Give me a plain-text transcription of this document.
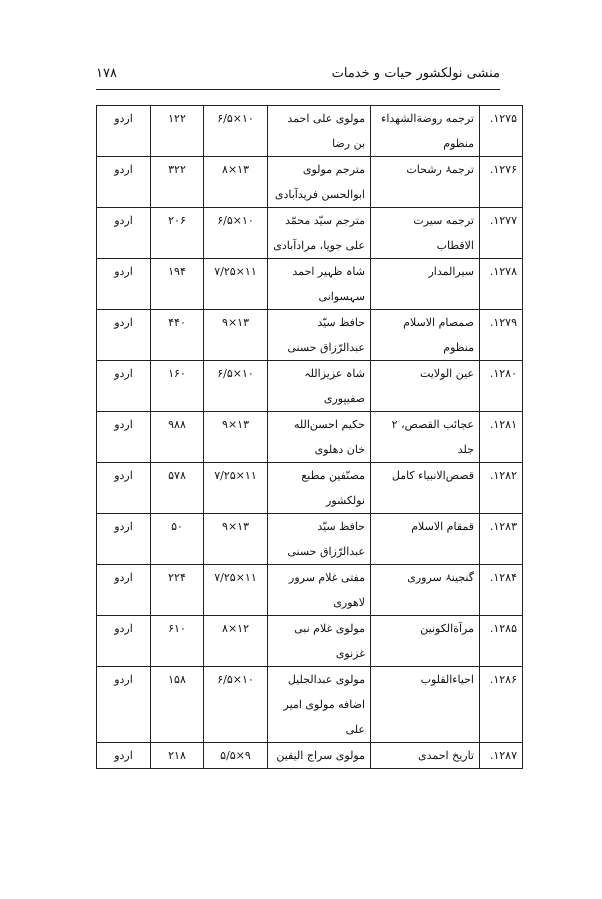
منشی نولکشور حیات و خدمات
۱۷۸
۱۲۷۵.	ترجمه روضةالشهداء منظوم	مولوی علی احمد بن رضا	۱۰×۶/۵	۱۲۲	اردو

۱۲۷۶.	ترجمۂ رشحات	مترجم مولوی ابوالحسن فریدآبادی	۱۳×۸	۳۲۲	اردو

۱۲۷۷.	ترجمه سیرت الاقطاب	مترجم سیّد محمّد علی جویا، مرادآبادی	۱۰×۶/۵	۲۰۶	اردو

۱۲۷۸.	سیرالمدار	شاہ ظہیر احمد سہسوانی	۱۱×۷/۲۵	۱۹۴	اردو

۱۲۷۹.	صمصام الاسلام منظوم	حافظ سیّد عبدالرّزاق حسنی	۱۳×۹	۴۴۰	اردو

۱۲۸۰.	عین الولایت	شاہ عزیزاللہ صفیپوری	۱۰×۶/۵	۱۶۰	اردو

۱۲۸۱.	عجائب القصص، ۲ جلد	حکیم احسن‌الله خان دهلوی	۱۳×۹	۹۸۸	اردو

۱۲۸۲.	قصص‌الانبیاء کامل	مصنّفین مطبع نولکشور	۱۱×۷/۲۵	۵۷۸	اردو

۱۲۸۳.	قمقام الاسلام	حافظ سیّد عبدالرّزاق حسنی	۱۳×۹	۵۰	اردو

۱۲۸۴.	گنجینۂ سروری	مفتی غلام سرور لاهوری	۱۱×۷/۲۵	۲۲۴	اردو

۱۲۸۵.	مرآةالکونین	مولوی غلام نبی غزنوی	۱۲×۸	۶۱۰	اردو

۱۲۸۶.	احیاءالقلوب	مولوی عبدالجلیل اضافه مولوی امیر علی	۱۰×۶/۵	۱۵۸	اردو

۱۲۸۷.	تاریخ احمدی	مولوی سراج الیقین	۹×۵/۵	۲۱۸	اردو
